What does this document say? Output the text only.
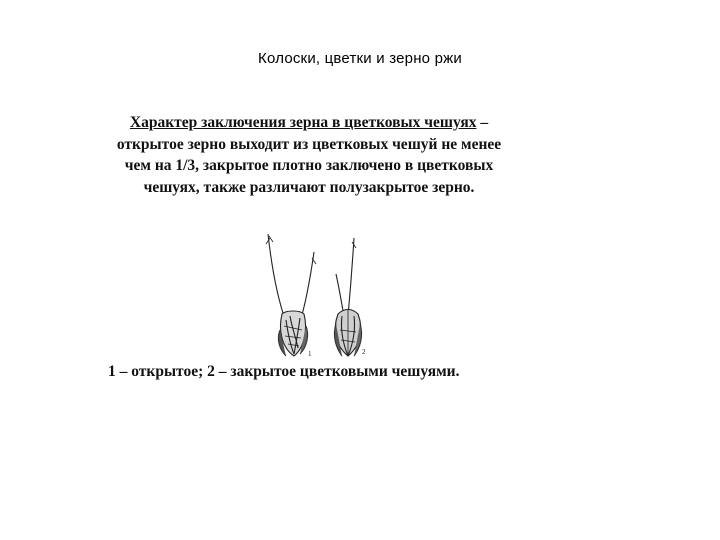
Колоски, цветки и зерно ржи
Характер заключения зерна в цветковых чешуях – открытое зерно выходит из цветковых чешуй не менее чем на 1/3, закрытое плотно заключено в цветковых чешуях, также различают полузакрытое зерно.
1	2
1 – открытое; 2 – закрытое цветковыми чешуями.
